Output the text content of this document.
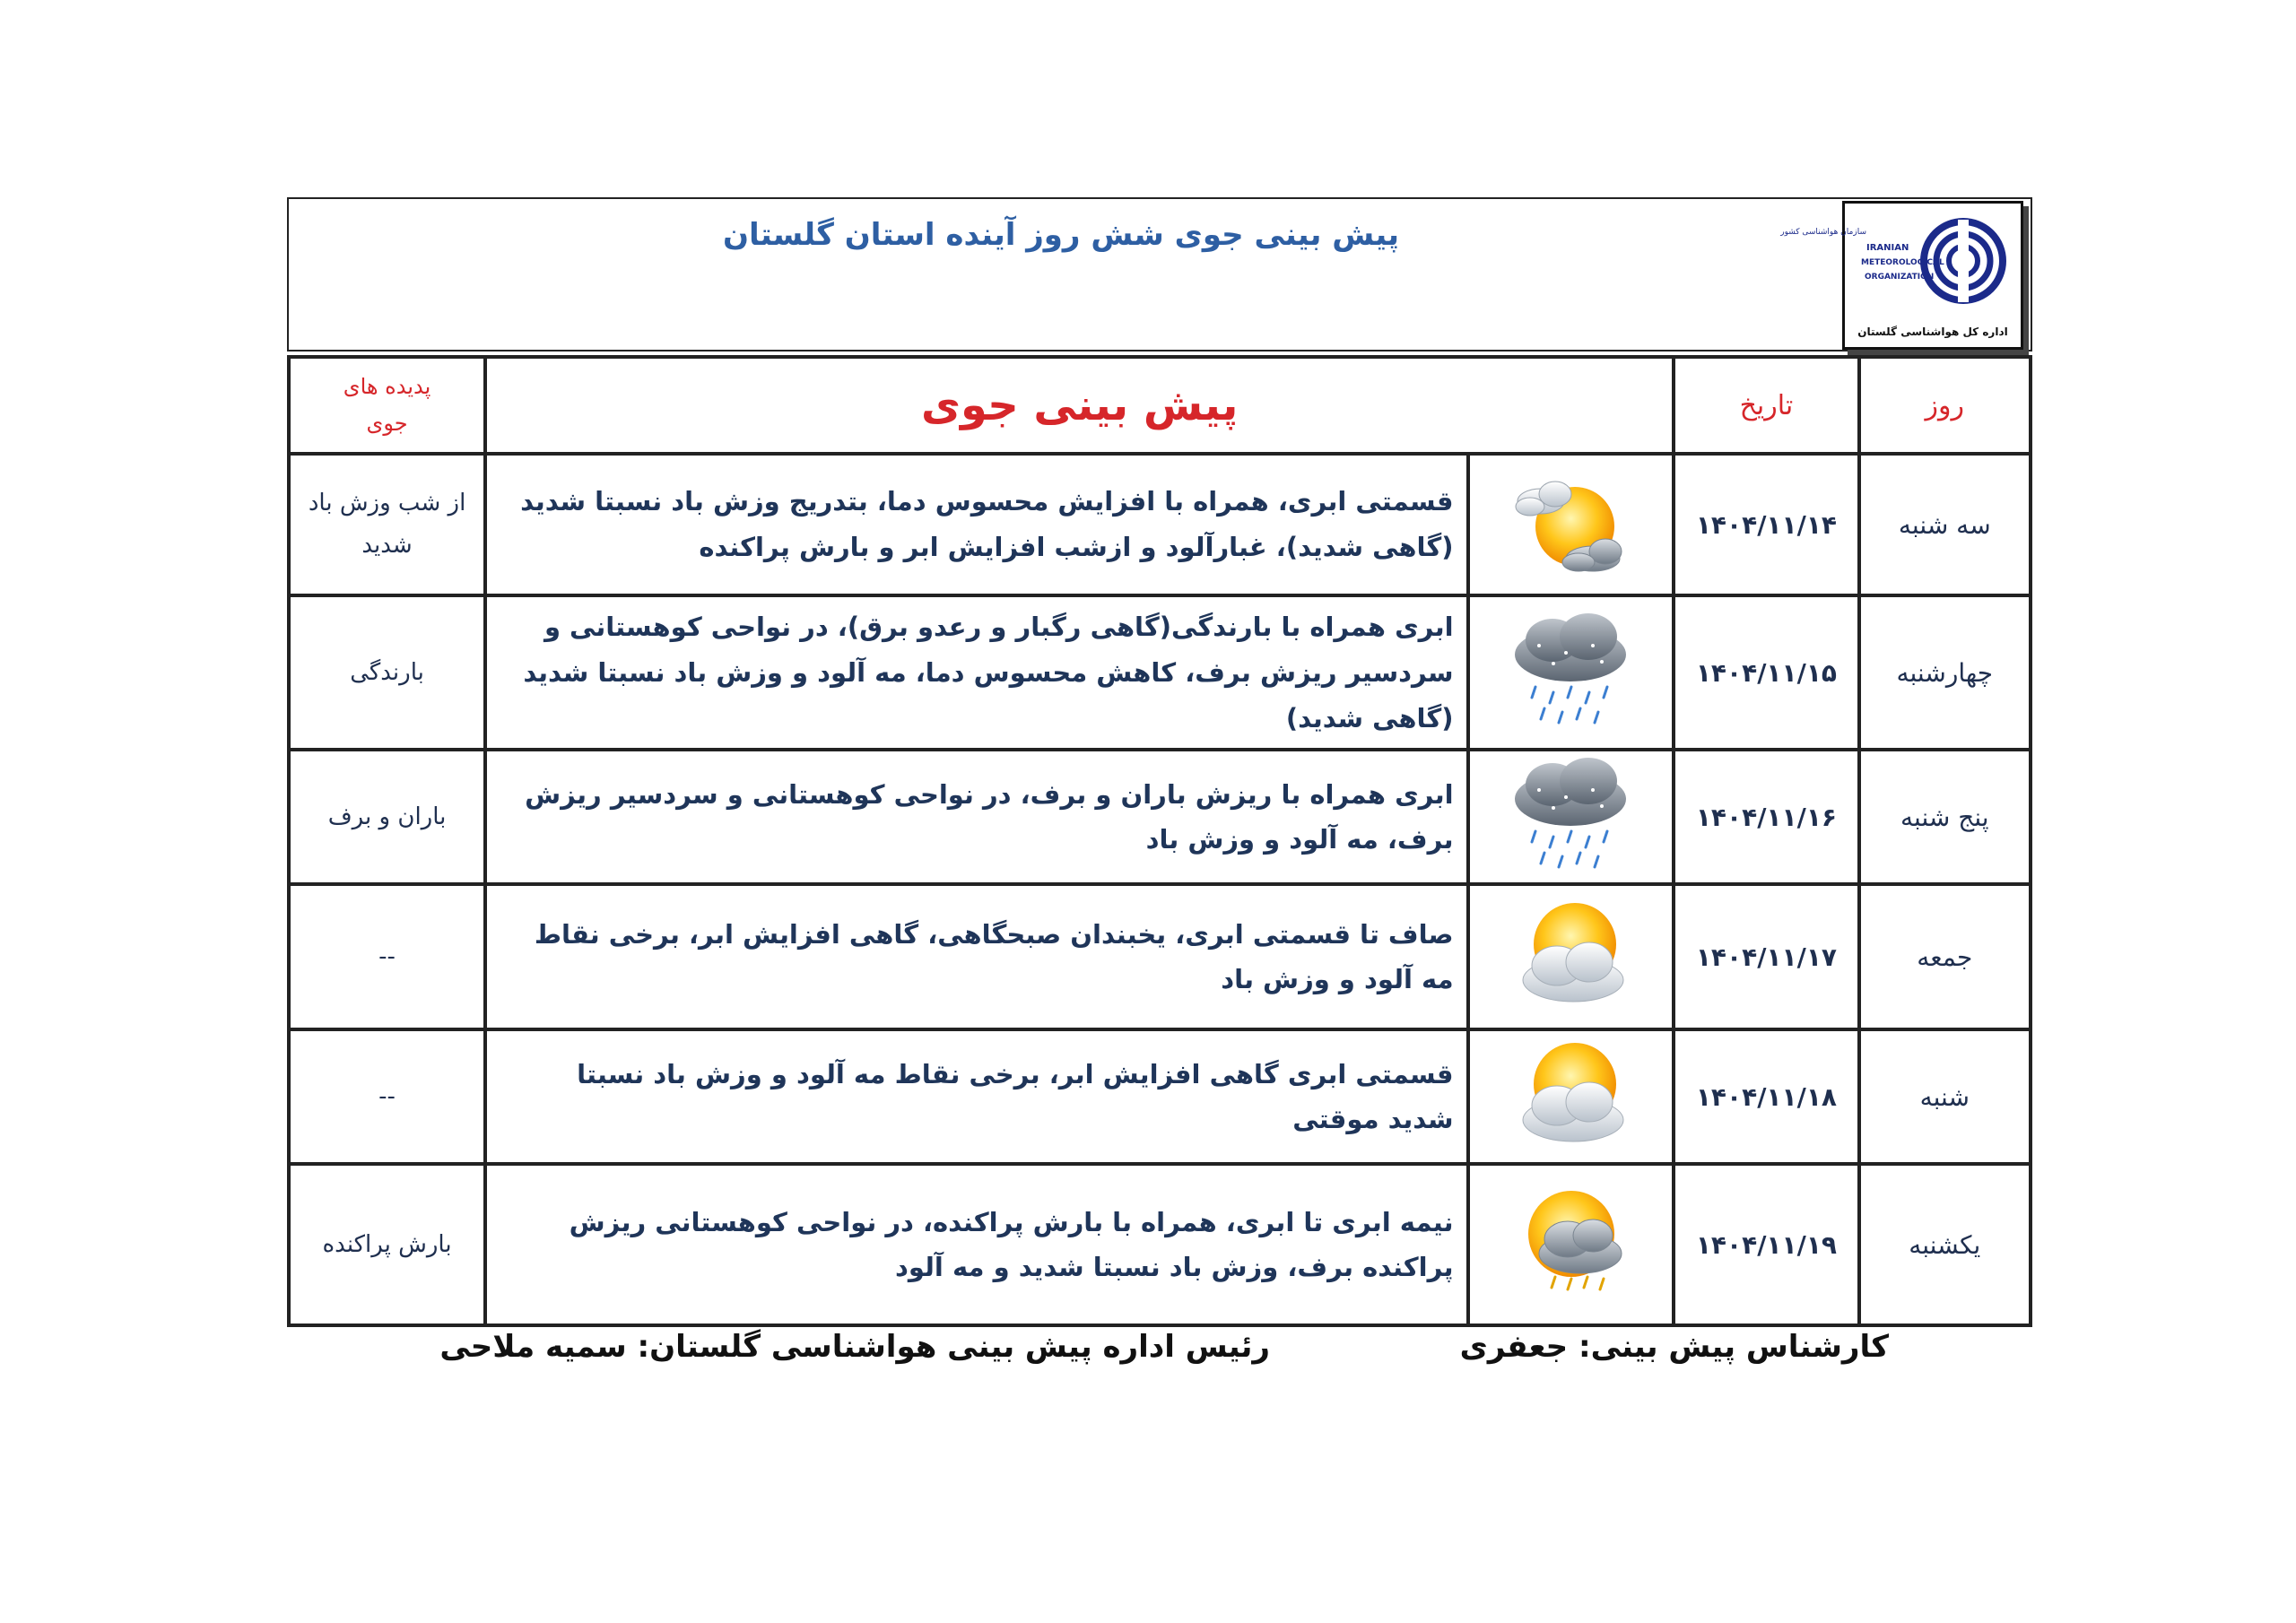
پیش بینی جوی شش روز آینده استان گلستان	سازمان هواشناسی کشور
IRANIAN
METEOROLOGICAL
ORGANIZATION
اداره کل هواشناسی گلستان
روز	تاریخ	پیش بینی جوی		پدیده های
جوی

سه شنبه	۱۴۰۴/۱۱/۱۴		قسمتی ابری، همراه با افزایش محسوس دما، بتدریج وزش باد نسبتا شدید (گاهی شدید)، غبارآلود و ازشب افزایش ابر و بارش پراکنده	از شب وزش باد شدید
چهارشنبه	۱۴۰۴/۱۱/۱۵		ابری همراه با بارندگی(گاهی رگبار و رعدو برق)، در نواحی کوهستانی و سردسیر ریزش برف، کاهش محسوس دما، مه آلود و وزش باد نسبتا شدید (گاهی شدید)	بارندگی
پنج شنبه	۱۴۰۴/۱۱/۱۶		ابری همراه با ریزش باران و برف، در نواحی کوهستانی و سردسیر ریزش برف، مه آلود و وزش باد	باران و برف
جمعه	۱۴۰۴/۱۱/۱۷		صاف تا قسمتی ابری، یخبندان صبحگاهی، گاهی افزایش ابر، برخی نقاط مه آلود و وزش باد	--
شنبه	۱۴۰۴/۱۱/۱۸		قسمتی ابری گاهی افزایش ابر، برخی نقاط مه آلود و وزش باد نسبتا شدید موقتی	--
یکشنبه	۱۴۰۴/۱۱/۱۹		نیمه ابری تا ابری، همراه با بارش پراکنده، در نواحی کوهستانی ریزش پراکنده برف، وزش باد نسبتا شدید و مه آلود	بارش پراکنده
کارشناس پیش بینی: جعفری
رئیس اداره پیش بینی هواشناسی گلستان: سمیه ملاحی
